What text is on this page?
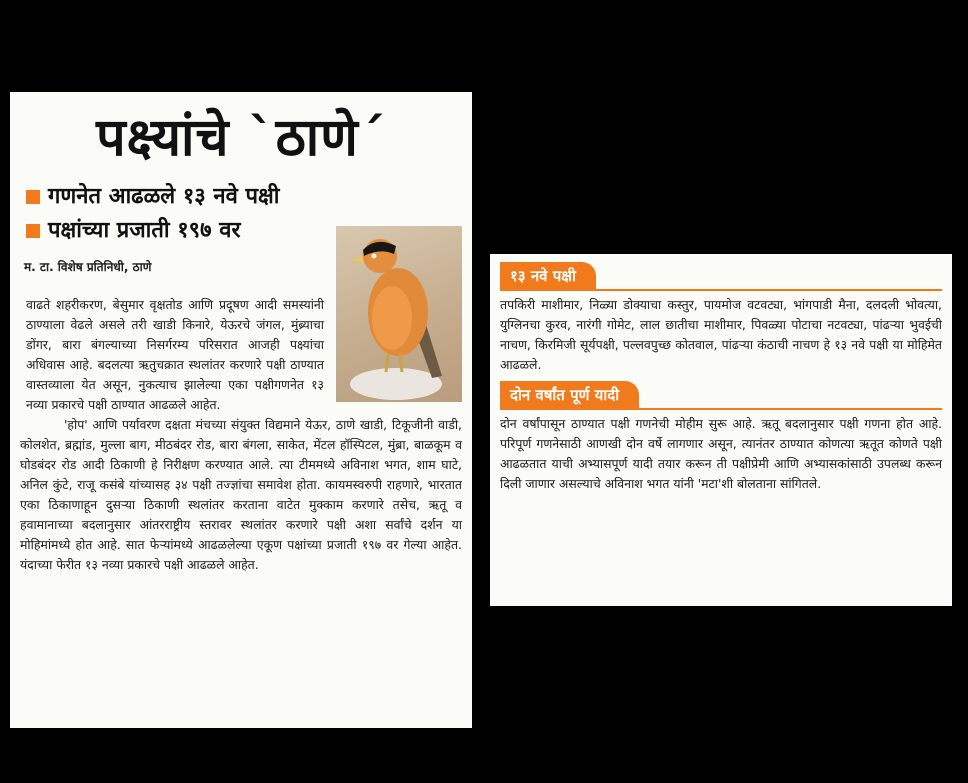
पक्ष्यांचे `ठाणे´
गणनेत आढळले १३ नवे पक्षी
पक्षांच्या प्रजाती १९७ वर
म. टा. विशेष प्रतिनिधी, ठाणे

वाढते शहरीकरण, बेसुमार वृक्षतोड आणि प्रदूषण आदी समस्यांनी ठाण्याला वेढले असले तरी खाडी किनारे, येऊरचे जंगल, मुंब्र्याचा डोंगर, बारा बंगल्याच्या निसर्गरम्य परिसरात आजही पक्ष्यांचा अधिवास आहे. बदलत्या ऋतुचक्रात स्थलांतर करणारे पक्षी ठाण्यात वास्तव्याला येत असून, नुकत्याच झालेल्या एका पक्षीगणनेत १३ नव्या प्रकारचे पक्षी ठाण्यात आढळले आहेत.

'होप' आणि पर्यावरण दक्षता मंचच्या संयुक्त विद्यमाने येऊर, ठाणे खाडी, टिकूजीनी वाडी, कोलशेत, ब्रह्मांड, मुल्ला बाग, मीठबंदर रोड, बारा बंगला, साकेत, मेंटल हॉस्पिटल, मुंब्रा, बाळकूम व घोडबंदर रोड आदी ठिकाणी हे निरीक्षण करण्यात आले. त्या टीममध्ये अविनाश भगत, शाम घाटे, अनिल कुंटे, राजू कसंबे यांच्यासह ३४ पक्षी तज्ज्ञांचा समावेश होता. कायमस्वरुपी राहणारे, भारतात एका ठिकाणाहून दुसऱ्या ठिकाणी स्थलांतर करताना वाटेत मुक्काम करणारे तसेच, ऋतू व हवामानाच्या बदलानुसार आंतरराष्ट्रीय स्तरावर स्थलांतर करणारे पक्षी अशा सर्वांचे दर्शन या मोहिमांमध्ये होत आहे. सात फेऱ्यांमध्ये आढळलेल्या एकूण पक्षांच्या प्रजाती १९७ वर गेल्या आहेत. यंदाच्या फेरीत १३ नव्या प्रकारचे पक्षी आढळले आहेत.

१३ नवे पक्षी

तपकिरी माशीमार, निळ्या डोक्याचा कस्तुर, पायमोज वटवट्या, भांगपाडी मैना, दलदली भोवत्या, युग्लिनचा कुरव, नारंगी गोमेट, लाल छातीचा माशीमार, पिवळ्या पोटाचा नटवट्या, पांढऱ्या भुवईची नाचण, किरमिजी सूर्यपक्षी, पल्लवपुच्छ कोतवाल, पांढऱ्या कंठाची नाचण हे १३ नवे पक्षी या मोहिमेत आढळले.

दोन वर्षांत पूर्ण यादी

दोन वर्षांपासून ठाण्यात पक्षी गणनेची मोहीम सुरू आहे. ऋतू बदलानुसार पक्षी गणना होत आहे. परिपूर्ण गणनेसाठी आणखी दोन वर्षे लागणार असून, त्यानंतर ठाण्यात कोणत्या ऋतूत कोणते पक्षी आढळतात याची अभ्यासपूर्ण यादी तयार करून ती पक्षीप्रेमी आणि अभ्यासकांसाठी उपलब्ध करून दिली जाणार असल्याचे अविनाश भगत यांनी 'मटा'शी बोलताना सांगितले.
